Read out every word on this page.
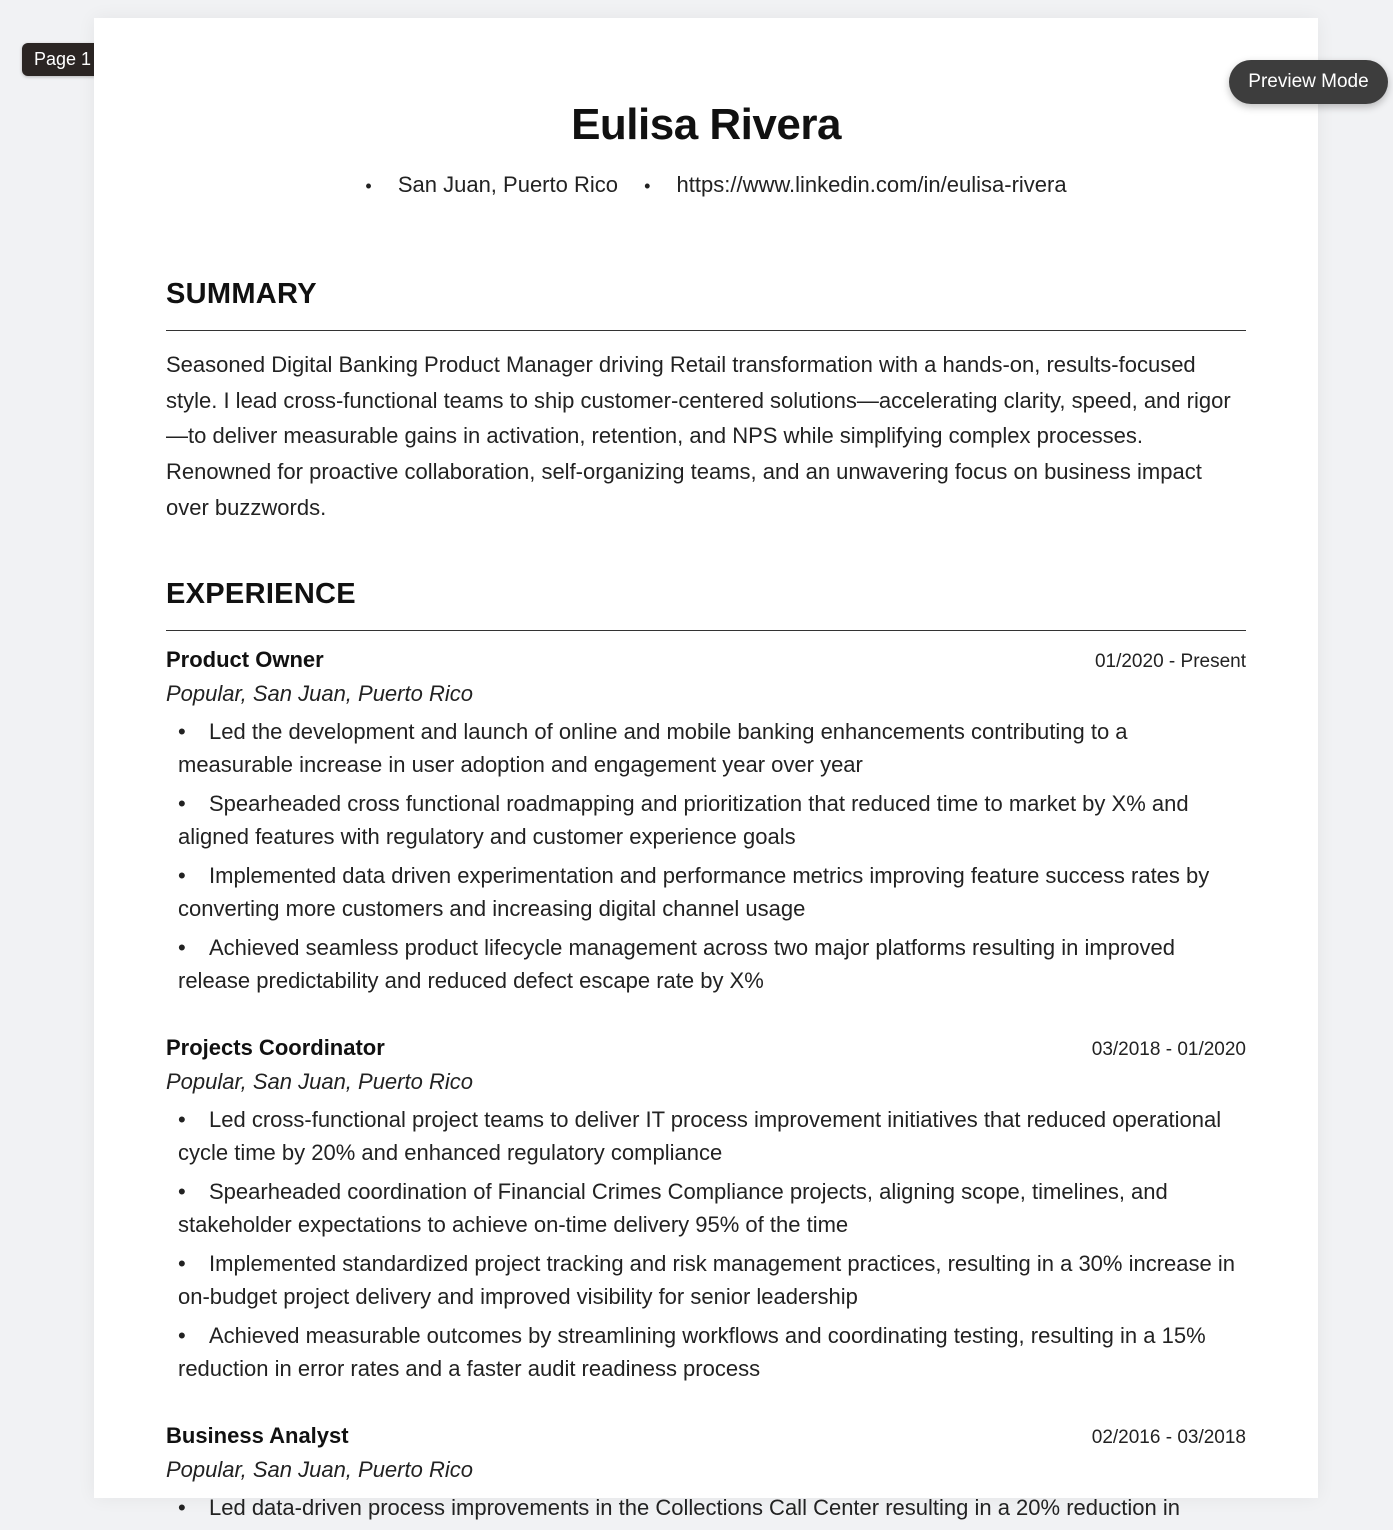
Page 1
Preview Mode
Eulisa Rivera
• San Juan, Puerto Rico • https://www.linkedin.com/in/eulisa-rivera
SUMMARY
Seasoned Digital Banking Product Manager driving Retail transformation with a hands-on, results-focused style. I lead cross-functional teams to ship customer-centered solutions—accelerating clarity, speed, and rigor—to deliver measurable gains in activation, retention, and NPS while simplifying complex processes. Renowned for proactive collaboration, self-organizing teams, and an unwavering focus on business impact over buzzwords.
EXPERIENCE
Product Owner	01/2020 - Present
Popular, San Juan, Puerto Rico
• Led the development and launch of online and mobile banking enhancements contributing to a measurable increase in user adoption and engagement year over year
• Spearheaded cross functional roadmapping and prioritization that reduced time to market by X% and aligned features with regulatory and customer experience goals
• Implemented data driven experimentation and performance metrics improving feature success rates by converting more customers and increasing digital channel usage
• Achieved seamless product lifecycle management across two major platforms resulting in improved release predictability and reduced defect escape rate by X%
Projects Coordinator	03/2018 - 01/2020
Popular, San Juan, Puerto Rico
• Led cross-functional project teams to deliver IT process improvement initiatives that reduced operational cycle time by 20% and enhanced regulatory compliance
• Spearheaded coordination of Financial Crimes Compliance projects, aligning scope, timelines, and stakeholder expectations to achieve on-time delivery 95% of the time
• Implemented standardized project tracking and risk management practices, resulting in a 30% increase in on-budget project delivery and improved visibility for senior leadership
• Achieved measurable outcomes by streamlining workflows and coordinating testing, resulting in a 15% reduction in error rates and a faster audit readiness process
Business Analyst	02/2016 - 03/2018
Popular, San Juan, Puerto Rico
• Led data-driven process improvements in the Collections Call Center resulting in a 20% reduction in
